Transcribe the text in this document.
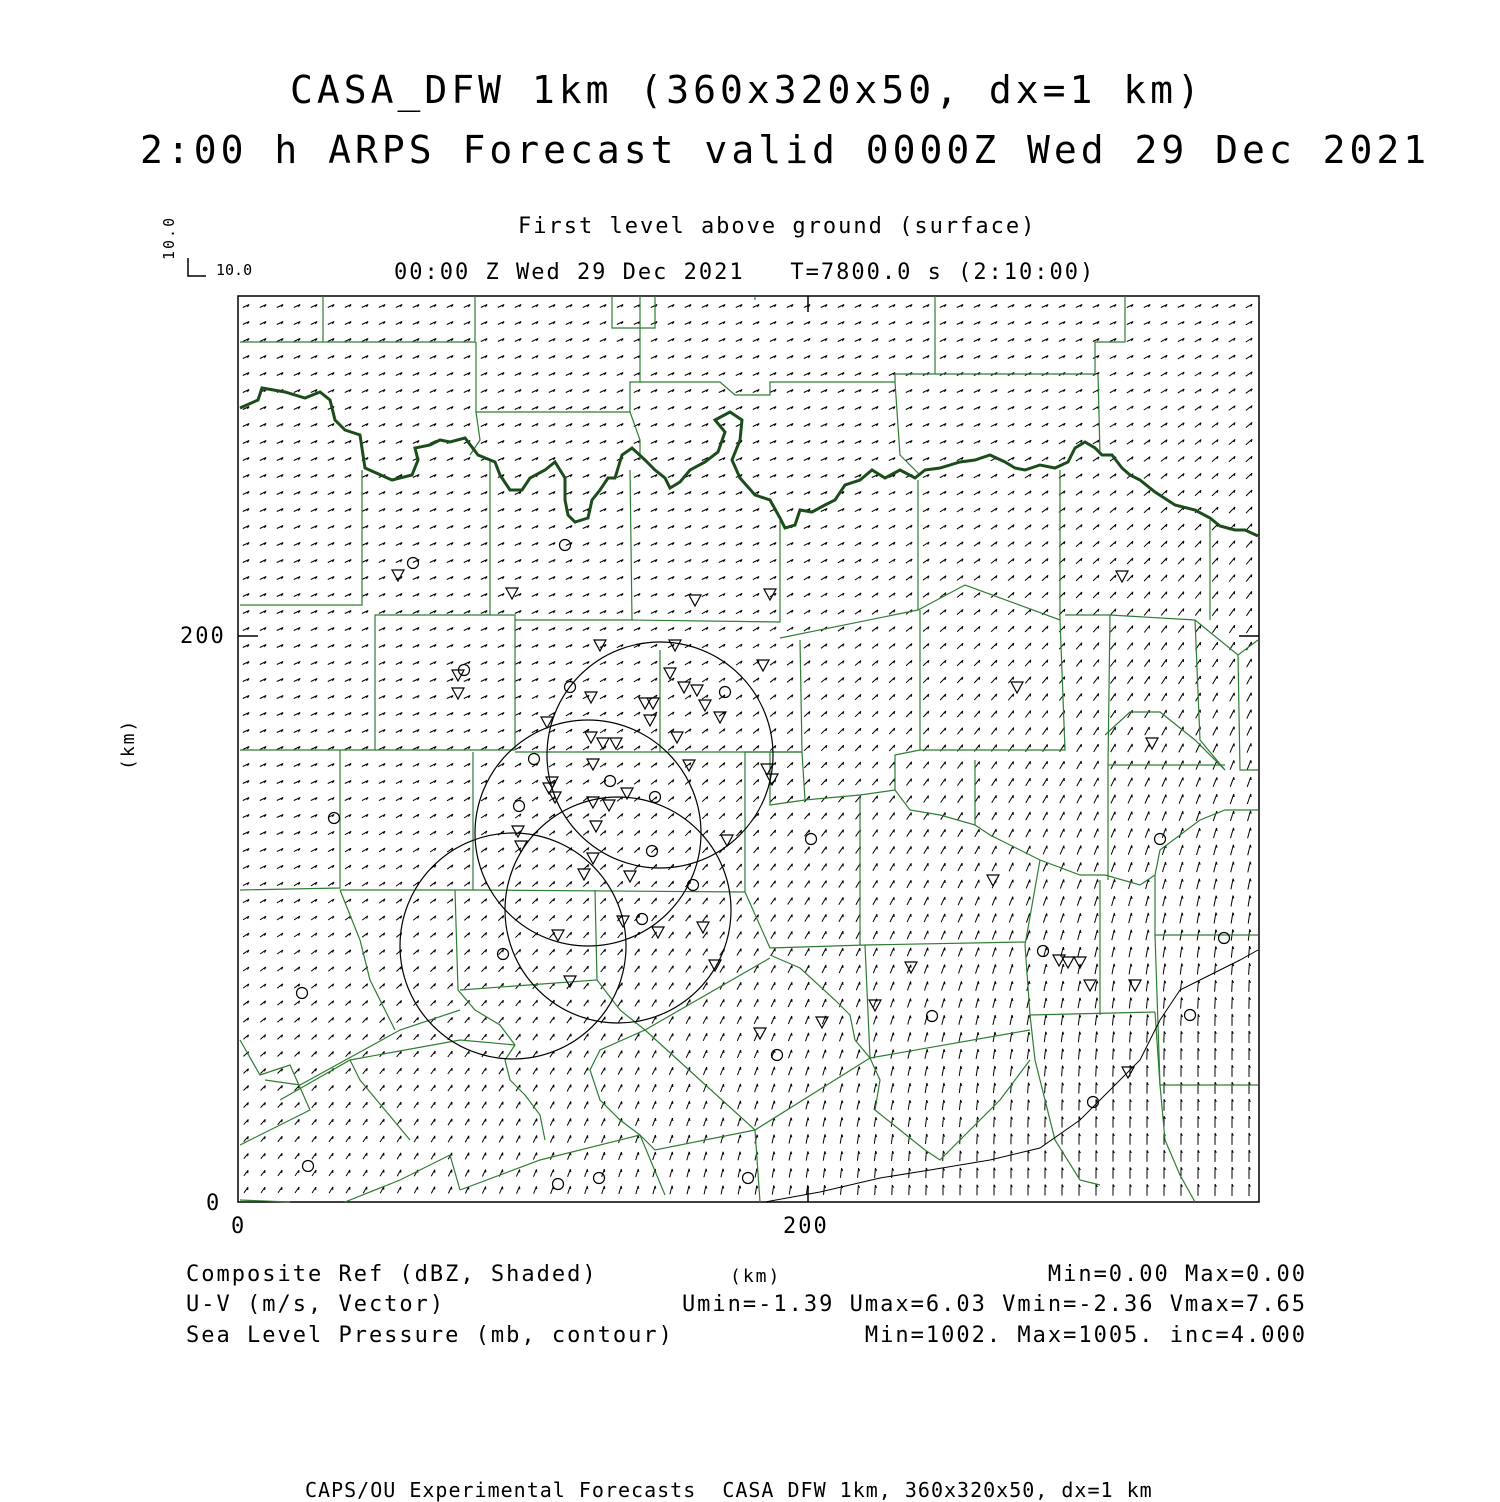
CASA_DFW 1km (360x320x50, dx=1 km)
2:00 h ARPS Forecast valid 0000Z Wed 29 Dec 2021
First level above ground (surface)
00:00 Z Wed 29 Dec 2021   T=7800.0 s (2:10:00)
10.0
10.0
(km)
(km)
0	200
0
200
Composite Ref (dBZ, Shaded)	Min=0.00 Max=0.00
U-V (m/s, Vector)	Umin=-1.39 Umax=6.03 Vmin=-2.36 Vmax=7.65
Sea Level Pressure (mb, contour)	Min=1002. Max=1005. inc=4.000
CAPS/OU Experimental Forecasts  CASA DFW 1km, 360x320x50, dx=1 km
